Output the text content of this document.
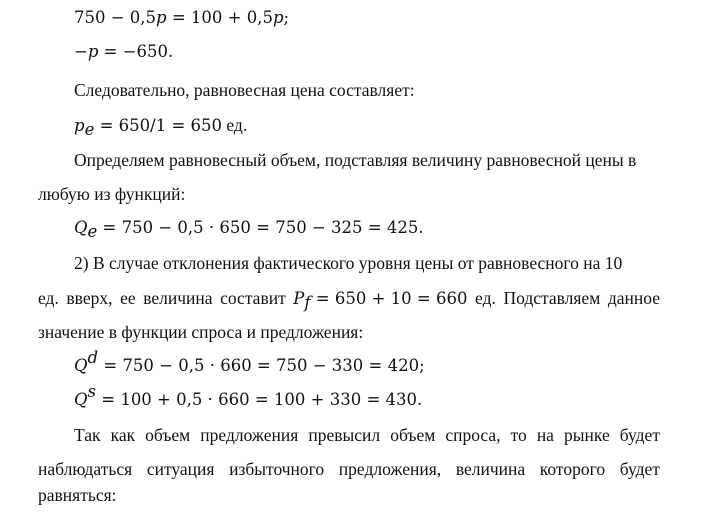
750 − 0,5𝑝 = 100 + 0,5𝑝;
−𝑝 = −650.
Следовательно, равновесная цена составляет:
𝑝$_𝑒$ = 650/1 = 650 ед.
Определяем равновесный объем, подставляя величину равновесной цены в
любую из функций:
𝑄$_𝑒$ = 750 − 0,5 · 650 = 750 − 325 = 425.
2) В случае отклонения фактического уровня цены от равновесного на 10
ед. вверх, ее величина составит 𝑃$_𝑓$ = 650 + 10 = 660 ед. Подставляем данное
значение в функции спроса и предложения:
𝑄$^𝑑$ = 750 − 0,5 · 660 = 750 − 330 = 420;
𝑄$^𝑠$ = 100 + 0,5 · 660 = 100 + 330 = 430.
Так как объем предложения превысил объем спроса, то на рынке будет
наблюдаться ситуация избыточного предложения, величина которого будет
равняться:
